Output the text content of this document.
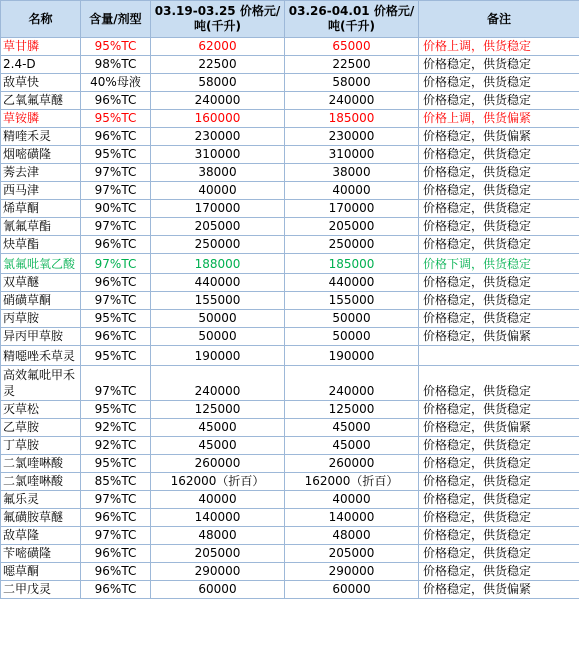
名称	含量/剂型	03.19-03.25 价格元/吨(千升)	03.26-04.01 价格元/吨(千升)	备注
草甘膦	95%TC	62000	65000	价格上调，供货稳定
2.4-D	98%TC	22500	22500	价格稳定，供货稳定
敌草快	40%母液	58000	58000	价格稳定，供货稳定
乙氧氟草醚	96%TC	240000	240000	价格稳定，供货稳定
草铵膦	95%TC	160000	185000	价格上调，供货偏紧
精喹禾灵	96%TC	230000	230000	价格稳定，供货偏紧
烟嘧磺隆	95%TC	310000	310000	价格稳定，供货稳定
莠去津	97%TC	38000	38000	价格稳定，供货稳定
西马津	97%TC	40000	40000	价格稳定，供货稳定
烯草酮	90%TC	170000	170000	价格稳定，供货稳定
氰氟草酯	97%TC	205000	205000	价格稳定，供货稳定
炔草酯	96%TC	250000	250000	价格稳定，供货稳定
氯氟吡氧乙酸	97%TC	188000	185000	价格下调，供货稳定
双草醚	96%TC	440000	440000	价格稳定，供货稳定
硝磺草酮	97%TC	155000	155000	价格稳定，供货稳定
丙草胺	95%TC	50000	50000	价格稳定，供货稳定
异丙甲草胺	96%TC	50000	50000	价格稳定，供货偏紧
精噁唑禾草灵	95%TC	190000	190000	
高效氟吡甲禾灵	97%TC	240000	240000	价格稳定，供货稳定
灭草松	95%TC	125000	125000	价格稳定，供货稳定
乙草胺	92%TC	45000	45000	价格稳定，供货偏紧
丁草胺	92%TC	45000	45000	价格稳定，供货稳定
二氯喹啉酸	95%TC	260000	260000	价格稳定，供货稳定
二氯喹啉酸	85%TC	162000（折百）	162000（折百）	价格稳定，供货稳定
氟乐灵	97%TC	40000	40000	价格稳定，供货稳定
氟磺胺草醚	96%TC	140000	140000	价格稳定，供货稳定
敌草隆	97%TC	48000	48000	价格稳定，供货稳定
苄嘧磺隆	96%TC	205000	205000	价格稳定，供货稳定
噁草酮	96%TC	290000	290000	价格稳定，供货稳定
二甲戊灵	96%TC	60000	60000	价格稳定，供货偏紧
